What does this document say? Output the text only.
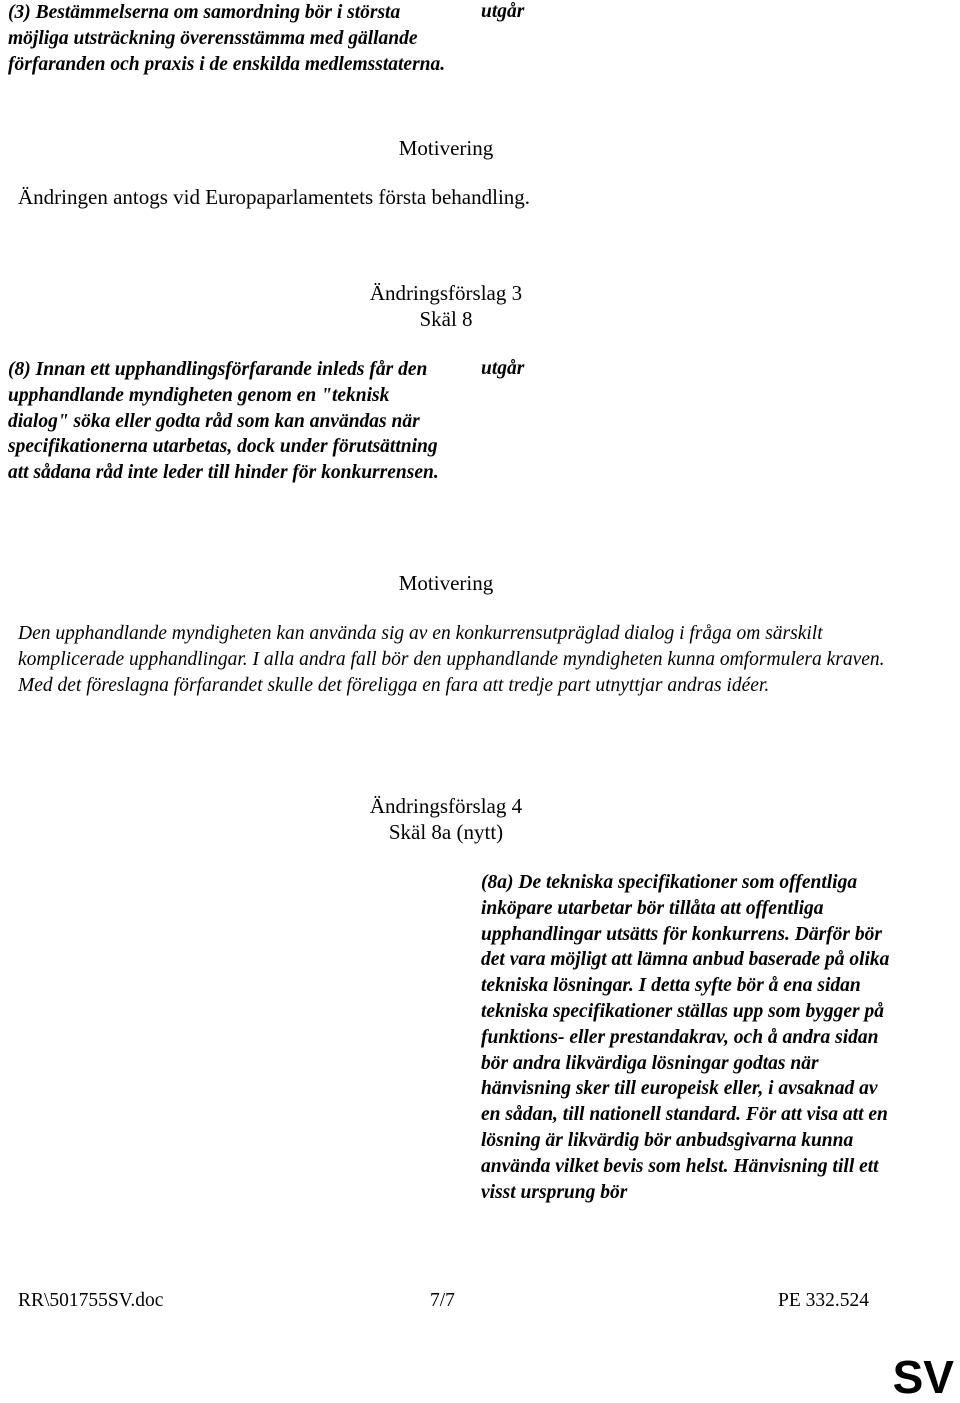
(3) Bestämmelserna om samordning bör i största möjliga utsträckning överensstämma med gällande förfaranden och praxis i de enskilda medlemsstaterna.
utgår
Motivering
Ändringen antogs vid Europaparlamentets första behandling.
Ändringsförslag 3
Skäl 8
(8) Innan ett upphandlingsförfarande inleds får den upphandlande myndigheten genom en "teknisk dialog" söka eller godta råd som kan användas när specifikationerna utarbetas, dock under förutsättning att sådana råd inte leder till hinder för konkurrensen.
utgår
Motivering
Den upphandlande myndigheten kan använda sig av en konkurrensutpräglad dialog i fråga om särskilt komplicerade upphandlingar. I alla andra fall bör den upphandlande myndigheten kunna omformulera kraven. Med det föreslagna förfarandet skulle det föreligga en fara att tredje part utnyttjar andras idéer.
Ändringsförslag 4
Skäl 8a (nytt)
(8a) De tekniska specifikationer som offentliga inköpare utarbetar bör tillåta att offentliga upphandlingar utsätts för konkurrens. Därför bör det vara möjligt att lämna anbud baserade på olika tekniska lösningar. I detta syfte bör å ena sidan tekniska specifikationer ställas upp som bygger på funktions- eller prestandakrav, och å andra sidan bör andra likvärdiga lösningar godtas när hänvisning sker till europeisk eller, i avsaknad av en sådan, till nationell standard. För att visa att en lösning är likvärdig bör anbudsgivarna kunna använda vilket bevis som helst. Hänvisning till ett visst ursprung bör
RR\501755SV.doc	7/7	PE 332.524
SV
